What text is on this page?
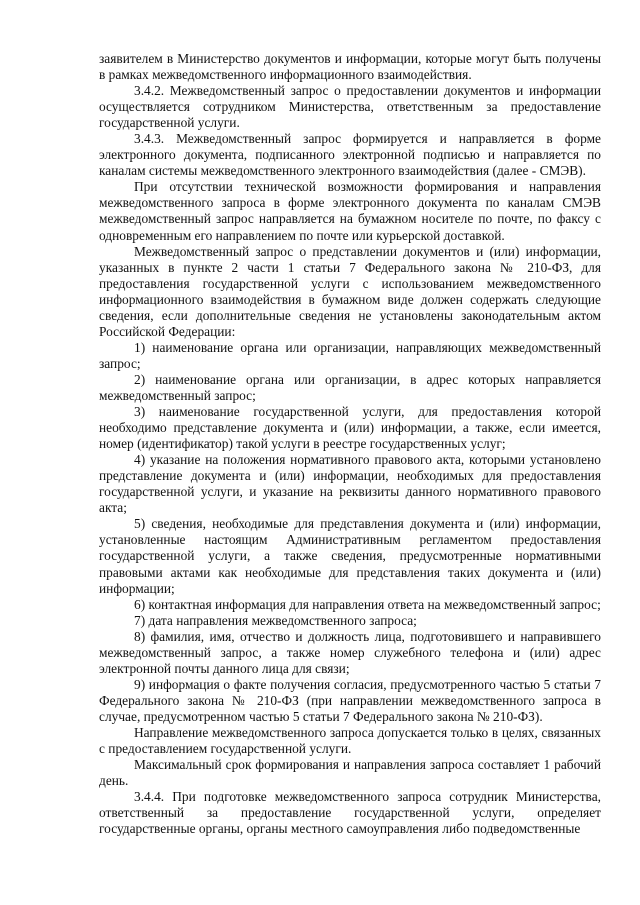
заявителем в Министерство документов и информации, которые могут быть получены в рамках межведомственного информационного взаимодействия.

3.4.2. Межведомственный запрос о предоставлении документов и информации осуществляется сотрудником Министерства, ответственным за предоставление государственной услуги.

3.4.3. Межведомственный запрос формируется и направляется в форме электронного документа, подписанного электронной подписью и направляется по каналам системы межведомственного электронного взаимодействия (далее - СМЭВ).

При отсутствии технической возможности формирования и направления межведомственного запроса в форме электронного документа по каналам СМЭВ межведомственный запрос направляется на бумажном носителе по почте, по факсу с одновременным его направлением по почте или курьерской доставкой.

Межведомственный запрос о представлении документов и (или) информации, указанных в пункте 2 части 1 статьи 7 Федерального закона № 210-ФЗ, для предоставления государственной услуги с использованием межведомственного информационного взаимодействия в бумажном виде должен содержать следующие сведения, если дополнительные сведения не установлены законодательным актом Российской Федерации:

1) наименование органа или организации, направляющих межведомственный запрос;

2) наименование органа или организации, в адрес которых направляется межведомственный запрос;

3) наименование государственной услуги, для предоставления которой необходимо представление документа и (или) информации, а также, если имеется, номер (идентификатор) такой услуги в реестре государственных услуг;

4) указание на положения нормативного правового акта, которыми установлено представление документа и (или) информации, необходимых для предоставления государственной услуги, и указание на реквизиты данного нормативного правового акта;

5) сведения, необходимые для представления документа и (или) информации, установленные настоящим Административным регламентом предоставления государственной услуги, а также сведения, предусмотренные нормативными правовыми актами как необходимые для представления таких документа и (или) информации;

6) контактная информация для направления ответа на межведомственный запрос;

7) дата направления межведомственного запроса;

8) фамилия, имя, отчество и должность лица, подготовившего и направившего межведомственный запрос, а также номер служебного телефона и (или) адрес электронной почты данного лица для связи;

9) информация о факте получения согласия, предусмотренного частью 5 статьи 7 Федерального закона № 210-ФЗ (при направлении межведомственного запроса в случае, предусмотренном частью 5 статьи 7 Федерального закона № 210-ФЗ).

Направление межведомственного запроса допускается только в целях, связанных с предоставлением государственной услуги.

Максимальный срок формирования и направления запроса составляет 1 рабочий день.

3.4.4. При подготовке межведомственного запроса сотрудник Министерства, ответственный за предоставление государственной услуги, определяет государственные органы, органы местного самоуправления либо подведомственные
